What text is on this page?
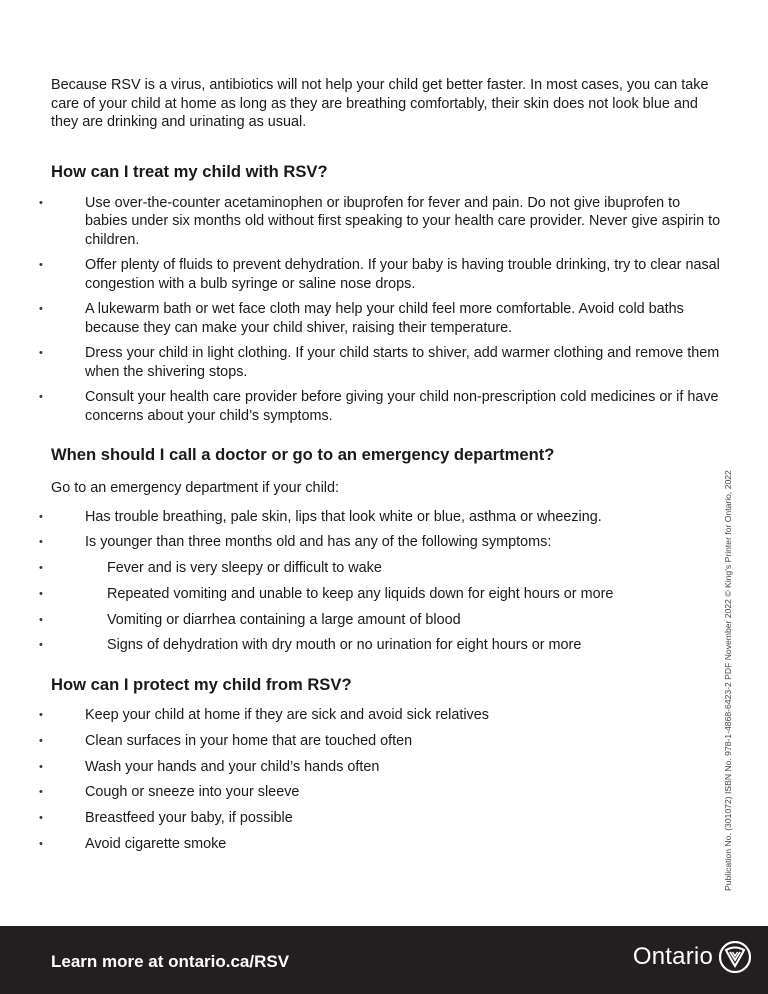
Because RSV is a virus, antibiotics will not help your child get better faster. In most cases, you can take care of your child at home as long as they are breathing comfortably, their skin does not look blue and they are drinking and urinating as usual.

How can I treat my child with RSV?
• Use over-the-counter acetaminophen or ibuprofen for fever and pain. Do not give ibuprofen to babies under six months old without first speaking to your health care provider. Never give aspirin to children.
• Offer plenty of fluids to prevent dehydration. If your baby is having trouble drinking, try to clear nasal congestion with a bulb syringe or saline nose drops.
• A lukewarm bath or wet face cloth may help your child feel more comfortable. Avoid cold baths because they can make your child shiver, raising their temperature.
• Dress your child in light clothing. If your child starts to shiver, add warmer clothing and remove them when the shivering stops.
• Consult your health care provider before giving your child non-prescription cold medicines or if have concerns about your child’s symptoms.
When should I call a doctor or go to an emergency department?

Go to an emergency department if your child:

• Has trouble breathing, pale skin, lips that look white or blue, asthma or wheezing.
• Is younger than three months old and has any of the following symptoms:
• Fever and is very sleepy or difficult to wake
• Repeated vomiting and unable to keep any liquids down for eight hours or more
• Vomiting or diarrhea containing a large amount of blood
• Signs of dehydration with dry mouth or no urination for eight hours or more
How can I protect my child from RSV?
• Keep your child at home if they are sick and avoid sick relatives
• Clean surfaces in your home that are touched often
• Wash your hands and your child’s hands often
• Cough or sneeze into your sleeve
• Breastfeed your baby, if possible
• Avoid cigarette smoke	Publication No. (301072) ISBN No. 978-1-4868-6423-2 PDF November 2022 © King’s Printer for Ontario, 2022
Learn more at ontario.ca/RSV	Ontario
